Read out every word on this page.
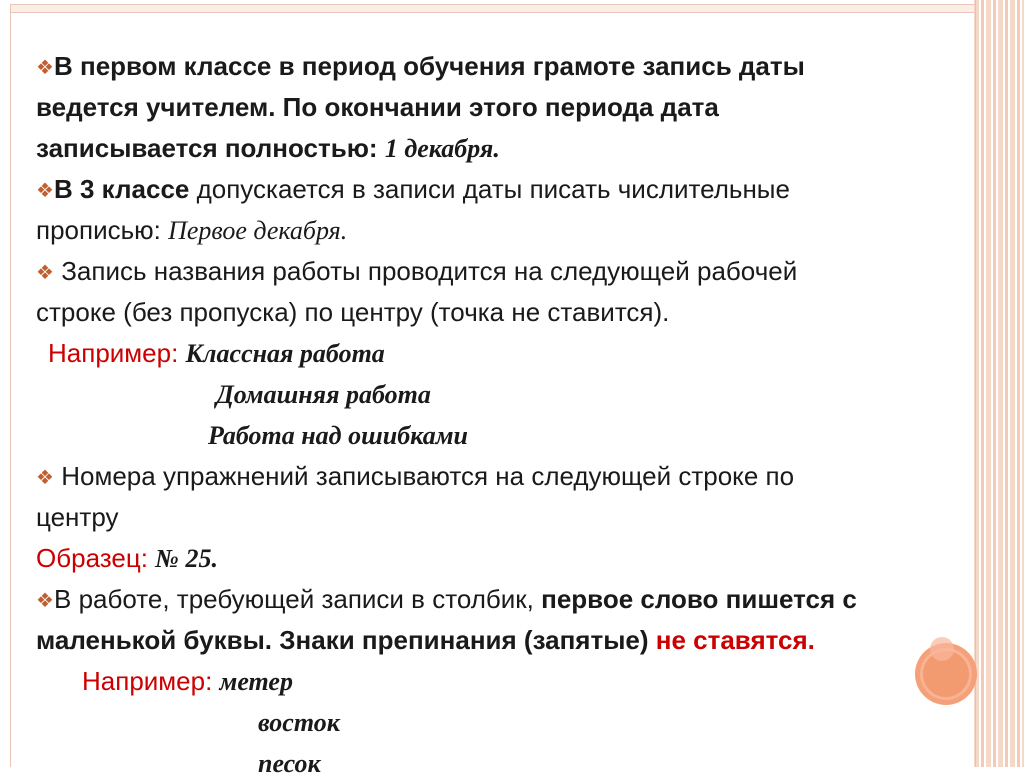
❖В первом классе в период обучения грамоте запись даты
ведется учителем. По окончании этого периода дата
записывается полностью: 1 декабря.
❖В 3 классе допускается в записи даты писать числительные
прописью: Первое декабря.
❖ Запись названия работы проводится на следующей рабочей
строке (без пропуска) по центру (точка не ставится).
Например: Классная работа
Домашняя работа
Работа над ошибками
❖ Номера упражнений записываются на следующей строке по
центру
Образец: № 25.
❖В работе, требующей записи в столбик, первое слово пишется с
маленькой буквы. Знаки препинания (запятые) не ставятся.
Например: метер
восток
песок
